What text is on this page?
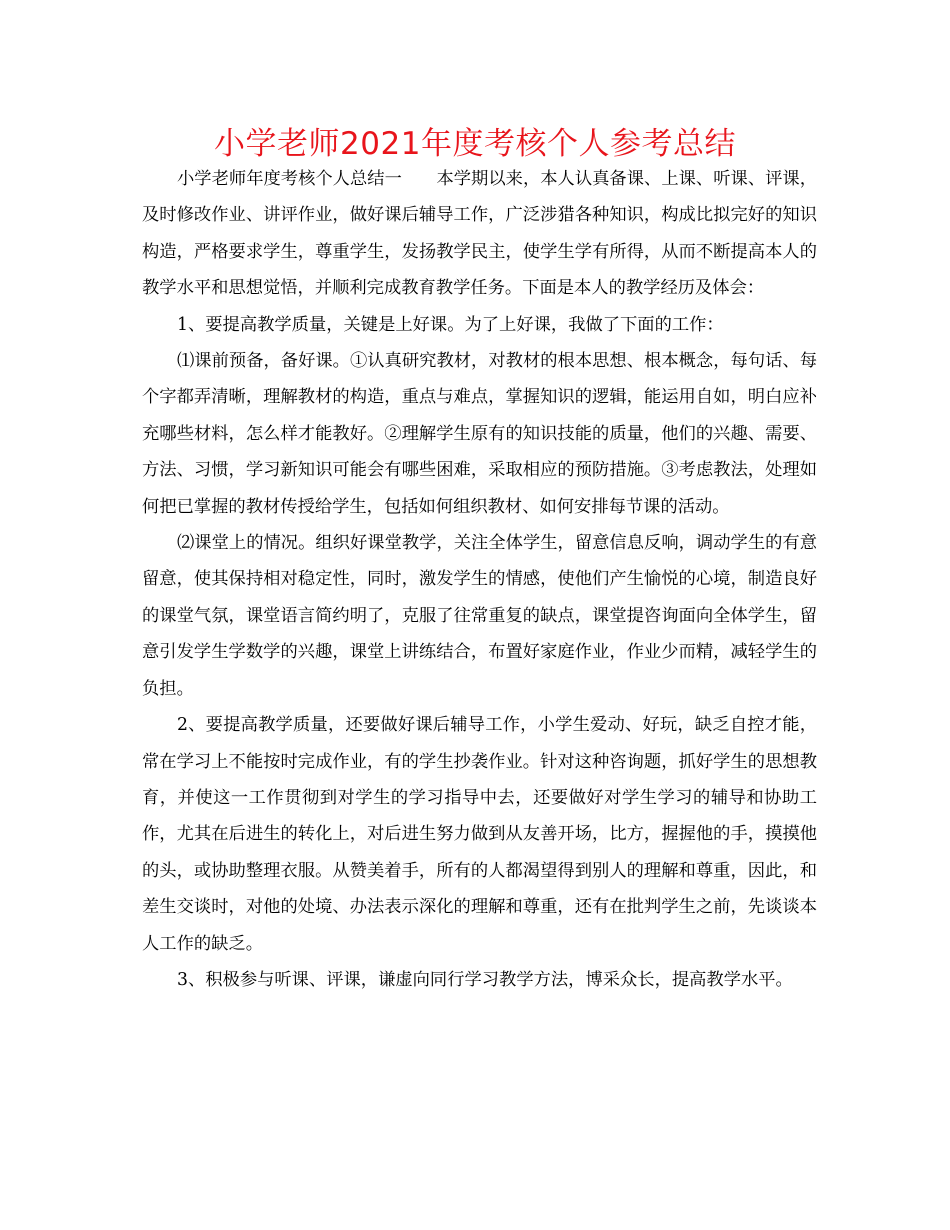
小学老师2021年度考核个人参考总结

小学老师年度考核个人总结一　　本学期以来，本人认真备课、上课、听课、评课，及时修改作业、讲评作业，做好课后辅导工作，广泛涉猎各种知识，构成比拟完好的知识构造，严格要求学生，尊重学生，发扬教学民主，使学生学有所得，从而不断提高本人的教学水平和思想觉悟，并顺利完成教育教学任务。下面是本人的教学经历及体会：

1、要提高教学质量，关键是上好课。为了上好课，我做了下面的工作：

⑴课前预备，备好课。①认真研究教材，对教材的根本思想、根本概念，每句话、每个字都弄清晰，理解教材的构造，重点与难点，掌握知识的逻辑，能运用自如，明白应补充哪些材料，怎么样才能教好。②理解学生原有的知识技能的质量，他们的兴趣、需要、方法、习惯，学习新知识可能会有哪些困难，采取相应的预防措施。③考虑教法，处理如何把已掌握的教材传授给学生，包括如何组织教材、如何安排每节课的活动。

⑵课堂上的情况。组织好课堂教学，关注全体学生，留意信息反响，调动学生的有意留意，使其保持相对稳定性，同时，激发学生的情感，使他们产生愉悦的心境，制造良好的课堂气氛，课堂语言简约明了，克服了往常重复的缺点，课堂提咨询面向全体学生，留意引发学生学数学的兴趣，课堂上讲练结合，布置好家庭作业，作业少而精，减轻学生的负担。

2、要提高教学质量，还要做好课后辅导工作，小学生爱动、好玩，缺乏自控才能，常在学习上不能按时完成作业，有的学生抄袭作业。针对这种咨询题，抓好学生的思想教育，并使这一工作贯彻到对学生的学习指导中去，还要做好对学生学习的辅导和协助工作，尤其在后进生的转化上，对后进生努力做到从友善开场，比方，握握他的手，摸摸他的头，或协助整理衣服。从赞美着手，所有的人都渴望得到别人的理解和尊重，因此，和差生交谈时，对他的处境、办法表示深化的理解和尊重，还有在批判学生之前，先谈谈本人工作的缺乏。

3、积极参与听课、评课，谦虚向同行学习教学方法，博采众长，提高教学水平。
